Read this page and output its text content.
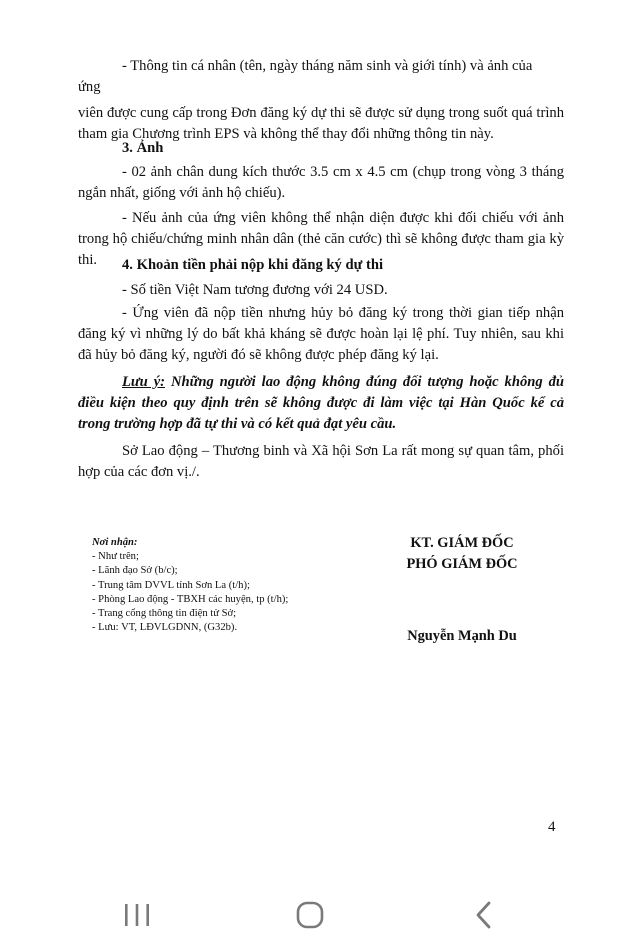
- Thông tin cá nhân (tên, ngày tháng năm sinh và giới tính) và ảnh của

ứng

viên được cung cấp trong Đơn đăng ký dự thi sẽ được sử dụng trong suốt quá trình tham gia Chương trình EPS và không thể thay đổi những thông tin này.

3. Ảnh

- 02 ảnh chân dung kích thước 3.5 cm x 4.5 cm (chụp trong vòng 3 tháng ngắn nhất, giống với ảnh hộ chiếu).

- Nếu ảnh của ứng viên không thể nhận diện được khi đối chiếu với ảnh trong hộ chiếu/chứng minh nhân dân (thẻ căn cước) thì sẽ không được tham gia kỳ thi.	4. Khoản tiền phải nộp khi đăng ký dự thi

- Số tiền Việt Nam tương đương với 24 USD.

- Ứng viên đã nộp tiền nhưng hủy bỏ đăng ký trong thời gian tiếp nhận đăng ký vì những lý do bất khả kháng sẽ được hoàn lại lệ phí. Tuy nhiên, sau khi đã hủy bỏ đăng ký, người đó sẽ không được phép đăng ký lại.

Lưu ý: Những người lao động không đúng đối tượng hoặc không đủ điều kiện theo quy định trên sẽ không được đi làm việc tại Hàn Quốc kể cả trong trường hợp đã tự thi và có kết quả đạt yêu cầu.

Sở Lao động – Thương binh và Xã hội Sơn La rất mong sự quan tâm, phối hợp của các đơn vị./.

Nơi nhận:
- Như trên;
- Lãnh đạo Sở (b/c);
- Trung tâm DVVL tỉnh Sơn La (t/h);
- Phòng Lao động - TBXH các huyện, tp (t/h);
- Trang cổng thông tin điện tử Sở;
- Lưu: VT, LĐVLGDNN, (G32b).
KT. GIÁM ĐỐC
PHÓ GIÁM ĐỐC
Nguyễn Mạnh Du
4
